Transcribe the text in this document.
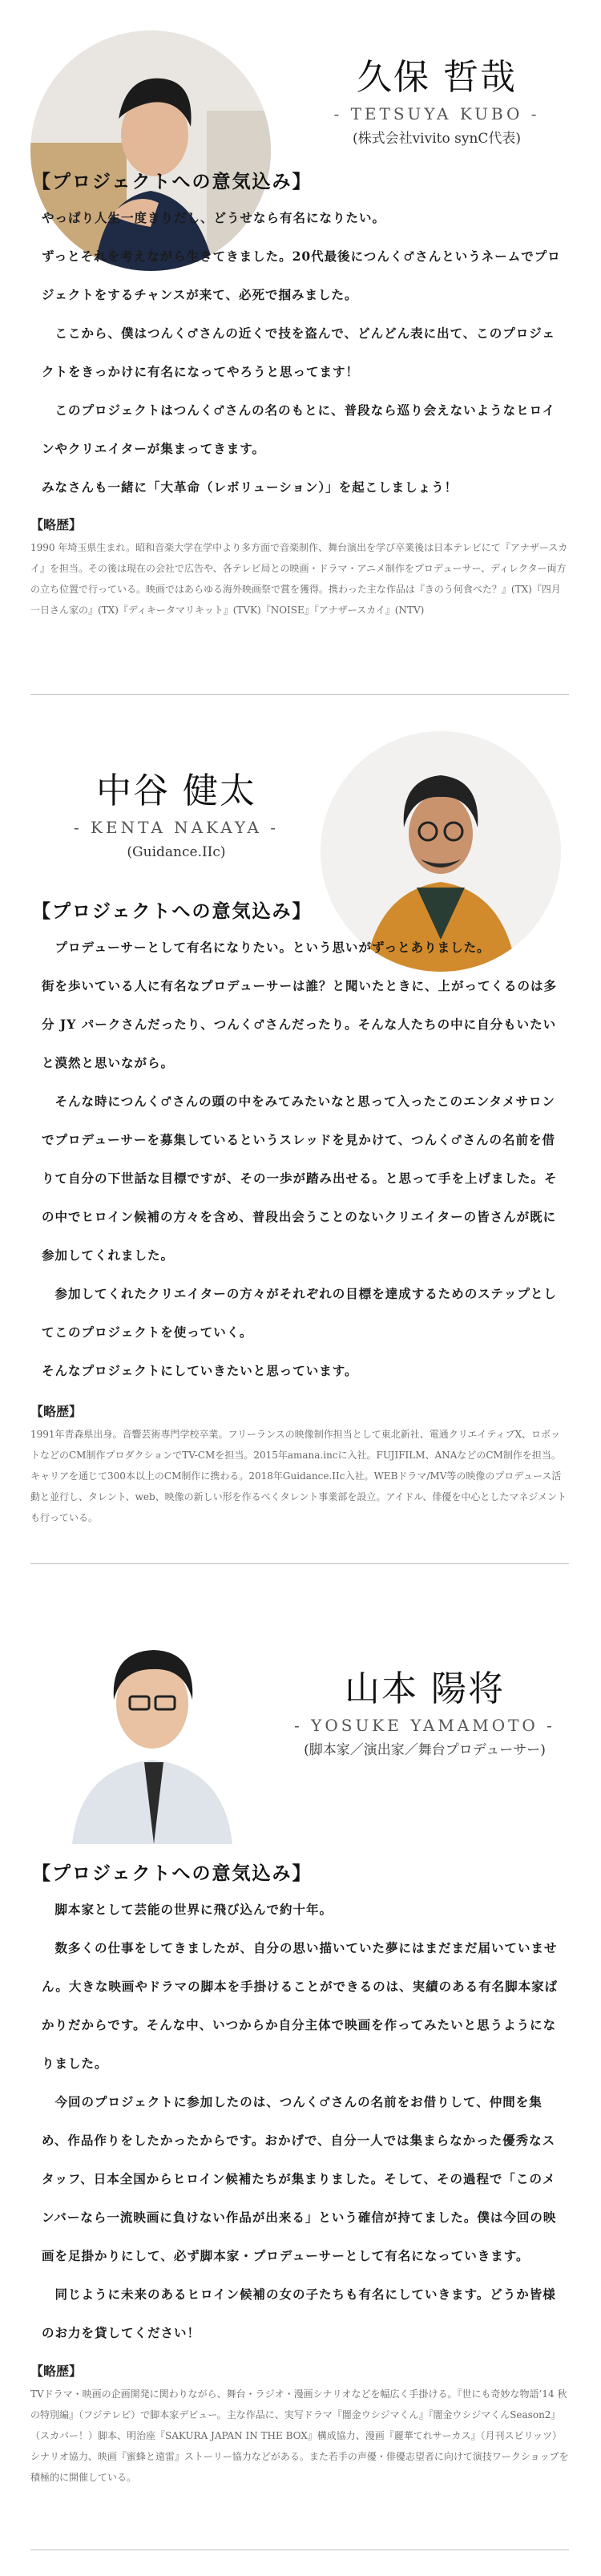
久保 哲哉
- TETSUYA KUBO -
(株式会社vivito synC代表)
【プロジェクトへの意気込み】

やっぱり人生一度きりだし、どうせなら有名になりたい。

ずっとそれを考えながら生きてきました。20代最後につんく♂さんというネームでプロジェクトをするチャンスが来て、必死で掴みました。

　ここから、僕はつんく♂さんの近くで技を盗んで、どんどん表に出て、このプロジェクトをきっかけに有名になってやろうと思ってます！

　このプロジェクトはつんく♂さんの名のもとに、普段なら巡り会えないようなヒロインやクリエイターが集まってきます。

みなさんも一緒に「大革命（レボリューション）」を起こしましょう！

【略歴】
1990 年埼玉県生まれ。昭和音楽大学在学中より多方面で音楽制作、舞台演出を学び卒業後は日本テレビにて『アナザースカイ』を担当。その後は現在の会社で広告や、各テレビ局との映画・ドラマ・アニメ制作をプロデューサー、ディレクター両方の立ち位置で行っている。映画ではあらゆる海外映画祭で賞を獲得。携わった主な作品は『きのう何食べた？』(TX)『四月一日さん家の』(TX)『ディキータマリキット』(TVK)『NOISE』『アナザースカイ』(NTV)
中谷 健太
- KENTA NAKAYA -
(Guidance.IIc)
【プロジェクトへの意気込み】

　プロデューサーとして有名になりたい。という思いがずっとありました。

街を歩いている人に有名なプロデューサーは誰？と聞いたときに、上がってくるのは多分 JY パークさんだったり、つんく♂さんだったり。そんな人たちの中に自分もいたいと漠然と思いながら。

　そんな時につんく♂さんの頭の中をみてみたいなと思って入ったこのエンタメサロンでプロデューサーを募集しているというスレッドを見かけて、つんく♂さんの名前を借りて自分の下世話な目標ですが、その一歩が踏み出せる。と思って手を上げました。その中でヒロイン候補の方々を含め、普段出会うことのないクリエイターの皆さんが既に参加してくれました。

　参加してくれたクリエイターの方々がそれぞれの目標を達成するためのステップとしてこのプロジェクトを使っていく。

そんなプロジェクトにしていきたいと思っています。

【略歴】
1991年青森県出身。音響芸術専門学校卒業。フリーランスの映像制作担当として東北新社、電通クリエイティブX、ロボットなどのCM制作プロダクションでTV-CMを担当。2015年amana.incに入社。FUJIFILM、ANAなどのCM制作を担当。キャリアを通じて300本以上のCM制作に携わる。2018年Guidance.IIc入社。WEBドラマ/MV等の映像のプロデュース活動と並行し、タレント、web、映像の新しい形を作るべくタレント事業部を設立。アイドル、俳優を中心としたマネジメントも行っている。
山本 陽将
- YOSUKE YAMAMOTO -
(脚本家／演出家／舞台プロデューサー)
【プロジェクトへの意気込み】

　脚本家として芸能の世界に飛び込んで約十年。

　数多くの仕事をしてきましたが、自分の思い描いていた夢にはまだまだ届いていません。大きな映画やドラマの脚本を手掛けることができるのは、実績のある有名脚本家ばかりだからです。そんな中、いつからか自分主体で映画を作ってみたいと思うようになりました。

　今回のプロジェクトに参加したのは、つんく♂さんの名前をお借りして、仲間を集め、作品作りをしたかったからです。おかげで、自分一人では集まらなかった優秀なスタッフ、日本全国からヒロイン候補たちが集まりました。そして、その過程で「このメンバーなら一流映画に負けない作品が出来る」という確信が持てました。僕は今回の映画を足掛かりにして、必ず脚本家・プロデューサーとして有名になっていきます。

　同じように未来のあるヒロイン候補の女の子たちも有名にしていきます。どうか皆様のお力を貸してください！

【略歴】
TVドラマ・映画の企画開発に関わりながら、舞台・ラジオ・漫画シナリオなどを幅広く手掛ける。『世にも奇妙な物語’14 秋の特別編』（フジテレビ）で脚本家デビュー。主な作品に、実写ドラマ『闇金ウシジマくん』『闇金ウシジマくんSeason2』（スカパー！）脚本、明治座『SAKURA JAPAN IN THE BOX』構成協力、漫画『麗華てれサーカス』（月刊スピリッツ）シナリオ協力、映画『蜜蜂と遠雷』ストーリー協力などがある。また若手の声優・俳優志望者に向けて演技ワークショップを積極的に開催している。
